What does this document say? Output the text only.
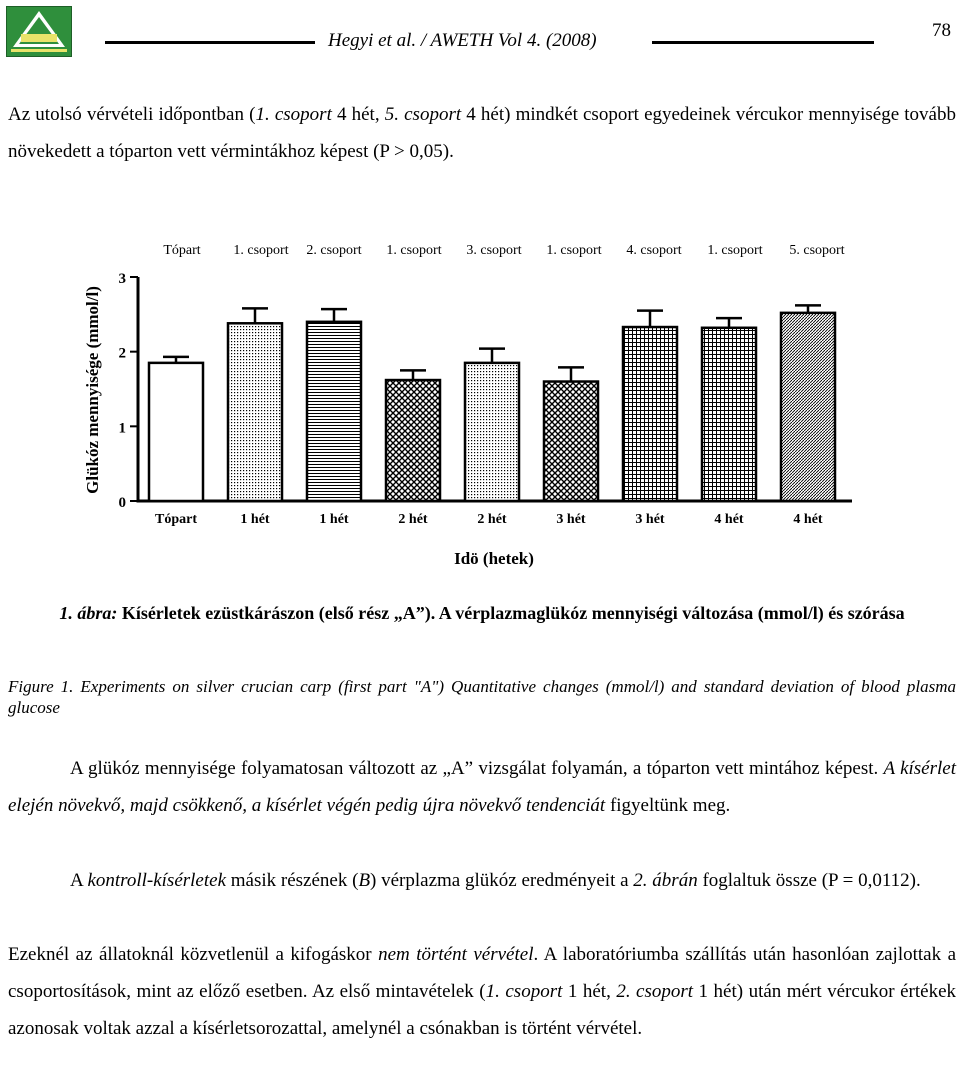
Hegyi et al. / AWETH Vol 4. (2008)	78
Az utolsó vérvételi időpontban (1. csoport 4 hét, 5. csoport 4 hét) mindkét csoport egyedeinek vércukor mennyisége tovább növekedett a tóparton vett vérmintákhoz képest (P > 0,05).
0
1
2
3
Glükóz mennyisége (mmol/l)
Idö (hetek)
Tópart	1 hét	1 hét	2 hét	2 hét	3 hét	3 hét	4 hét	4 hét
Tópart 1. csoport 2. csoport 1. csoport 3. csoport 1. csoport 4. csoport 1. csoport 5. csoport
1. ábra: Kísérletek ezüstkárászon (első rész „A”). A vérplazmaglükóz mennyiségi változása (mmol/l) és szórása
Figure 1. Experiments on silver crucian carp (first part "A") Quantitative changes (mmol/l) and standard deviation of blood plasma glucose
A glükóz mennyisége folyamatosan változott az „A” vizsgálat folyamán, a tóparton vett mintához képest. A kísérlet elején növekvő, majd csökkenő, a kísérlet végén pedig újra növekvő tendenciát figyeltünk meg.
A kontroll-kísérletek másik részének (B) vérplazma glükóz eredményeit a 2. ábrán foglaltuk össze (P = 0,0112).
Ezeknél az állatoknál közvetlenül a kifogáskor nem történt vérvétel. A laboratóriumba szállítás után hasonlóan zajlottak a csoportosítások, mint az előző esetben. Az első mintavételek (1. csoport 1 hét, 2. csoport 1 hét) után mért vércukor értékek azonosak voltak azzal a kísérletsorozattal, amelynél a csónakban is történt vérvétel.
